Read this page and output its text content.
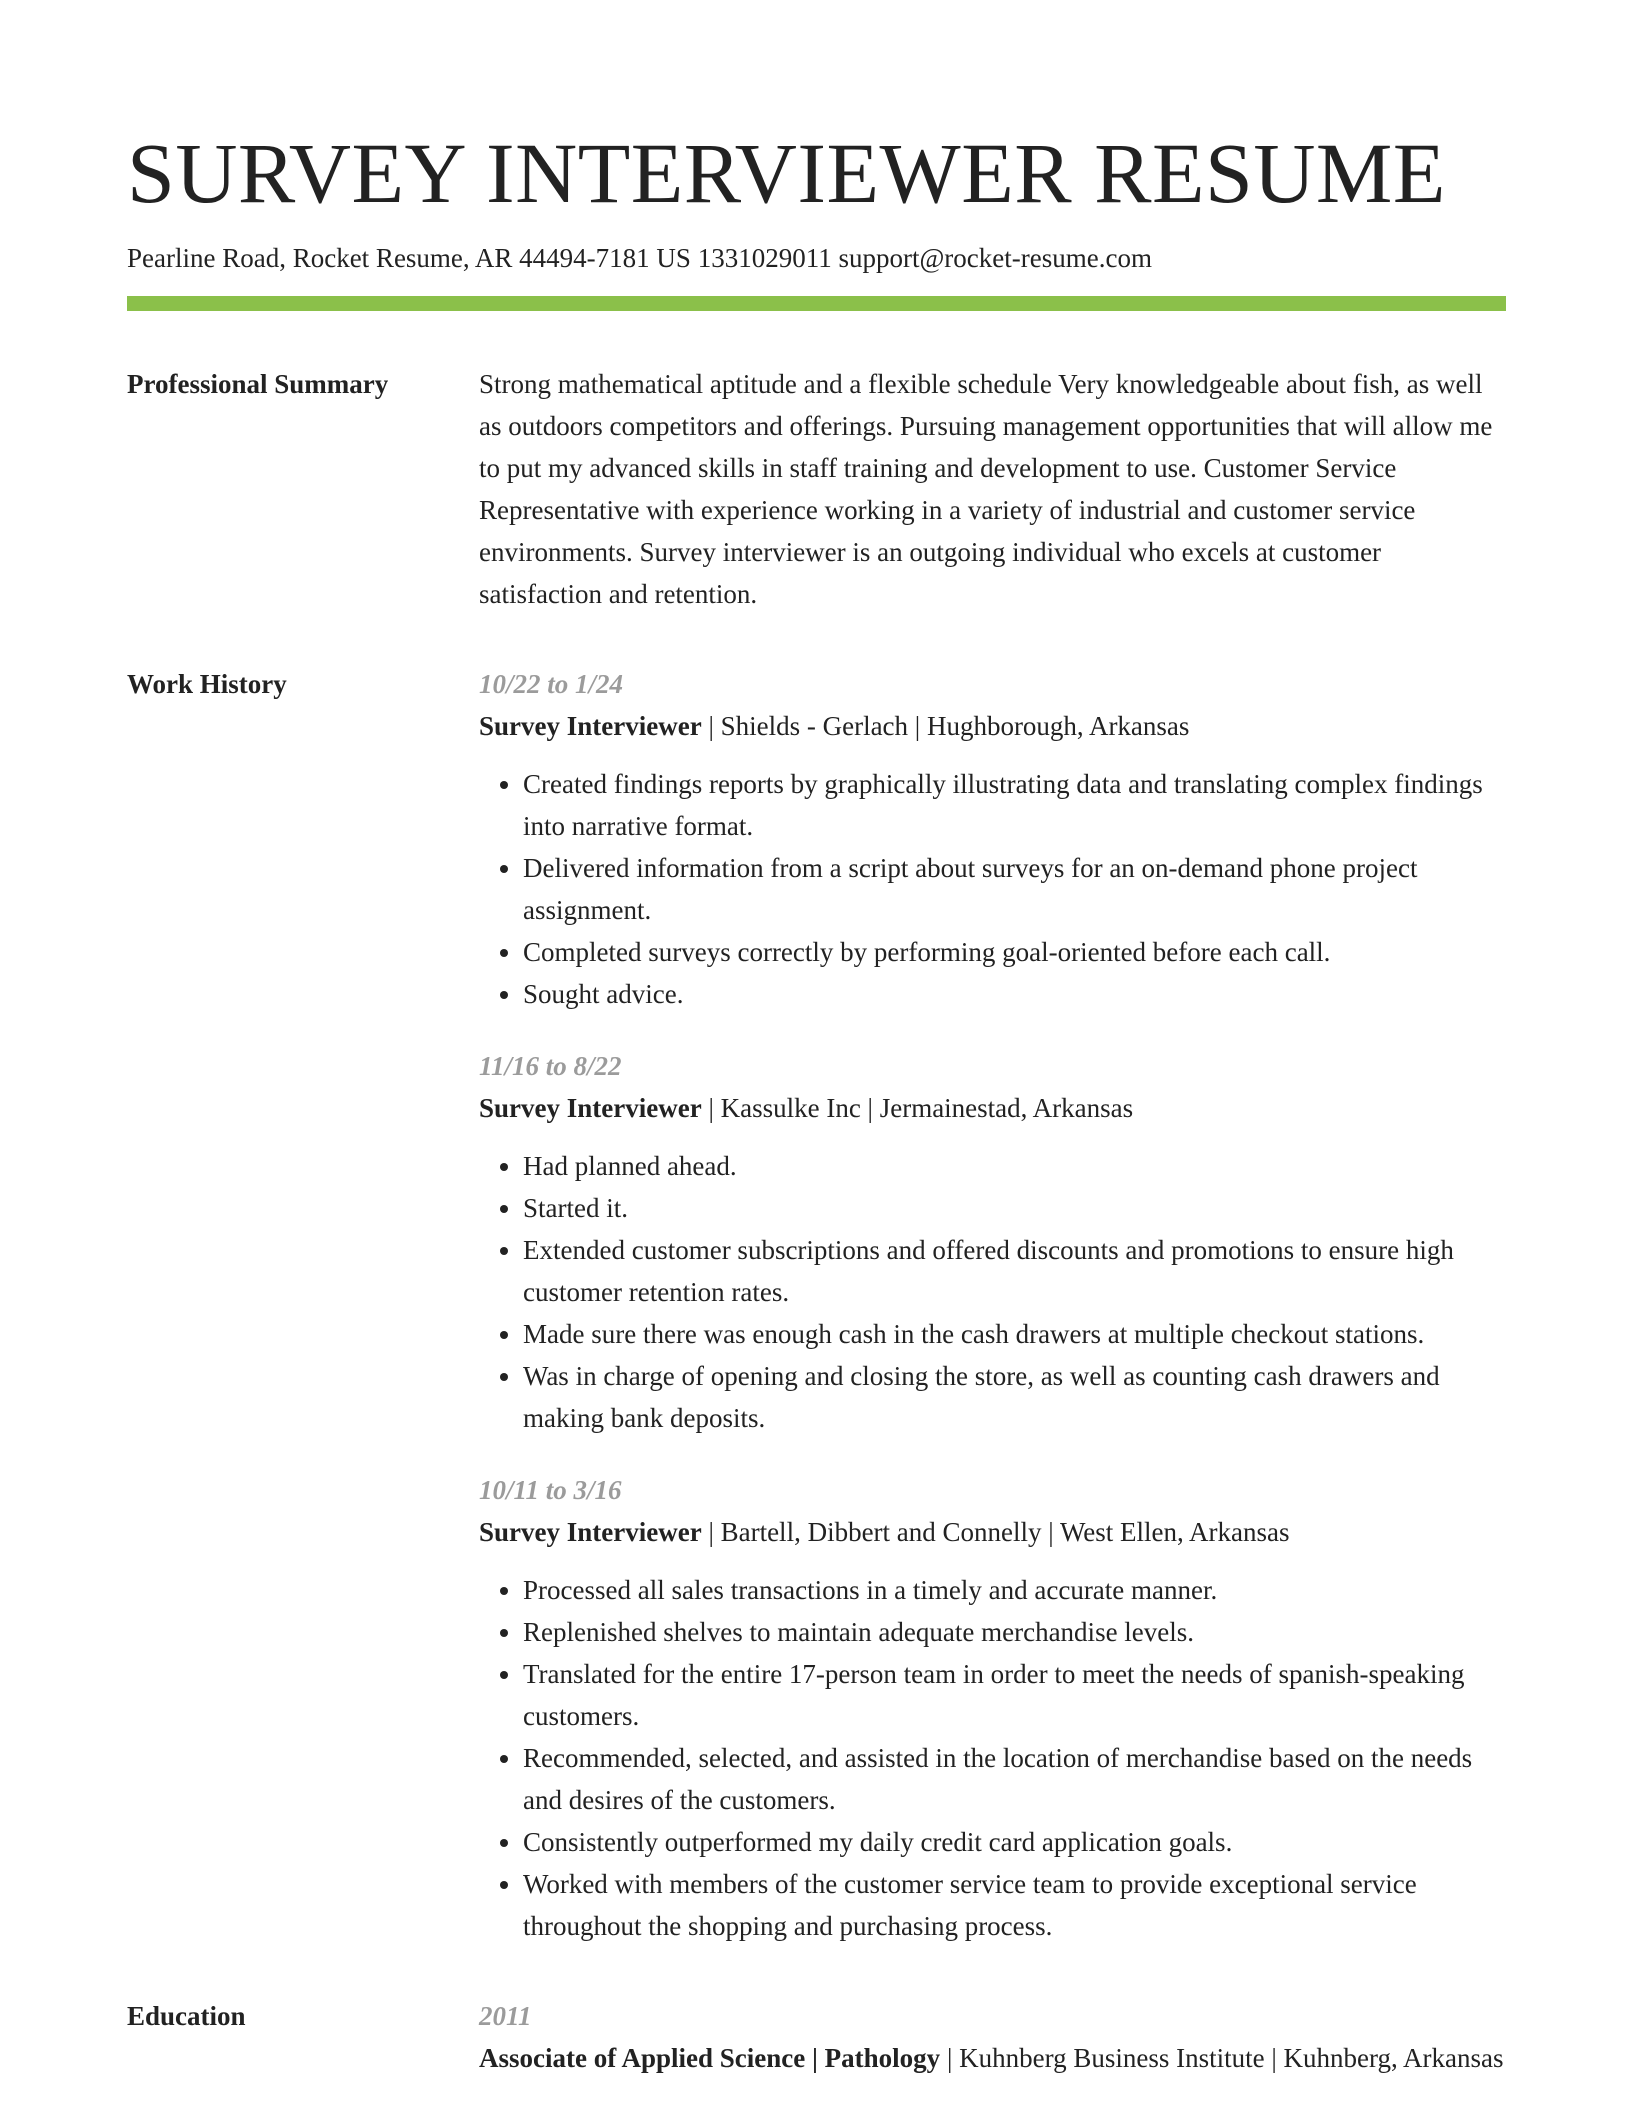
SURVEY INTERVIEWER RESUME
Pearline Road, Rocket Resume, AR 44494-7181 US 1331029011 support@rocket-resume.com
Professional Summary	Strong mathematical aptitude and a flexible schedule Very knowledgeable about fish, as well as outdoors competitors and offerings. Pursuing management opportunities that will allow me to put my advanced skills in staff training and development to use. Customer Service Representative with experience working in a variety of industrial and customer service environments. Survey interviewer is an outgoing individual who excels at customer satisfaction and retention.

Work History	10/22 to 1/24
Survey Interviewer | Shields - Gerlach | Hughborough, Arkansas
• Created findings reports by graphically illustrating data and translating complex findings into narrative format.
• Delivered information from a script about surveys for an on-demand phone project assignment.
• Completed surveys correctly by performing goal-oriented before each call.
• Sought advice.
11/16 to 8/22
Survey Interviewer | Kassulke Inc | Jermainestad, Arkansas
• Had planned ahead.
• Started it.
• Extended customer subscriptions and offered discounts and promotions to ensure high customer retention rates.
• Made sure there was enough cash in the cash drawers at multiple checkout stations.
• Was in charge of opening and closing the store, as well as counting cash drawers and making bank deposits.
10/11 to 3/16
Survey Interviewer | Bartell, Dibbert and Connelly | West Ellen, Arkansas
• Processed all sales transactions in a timely and accurate manner.
• Replenished shelves to maintain adequate merchandise levels.
• Translated for the entire 17-person team in order to meet the needs of spanish-speaking customers.
• Recommended, selected, and assisted in the location of merchandise based on the needs and desires of the customers.
• Consistently outperformed my daily credit card application goals.
• Worked with members of the customer service team to provide exceptional service throughout the shopping and purchasing process.
Education	2011
Associate of Applied Science | Pathology | Kuhnberg Business Institute | Kuhnberg, Arkansas
